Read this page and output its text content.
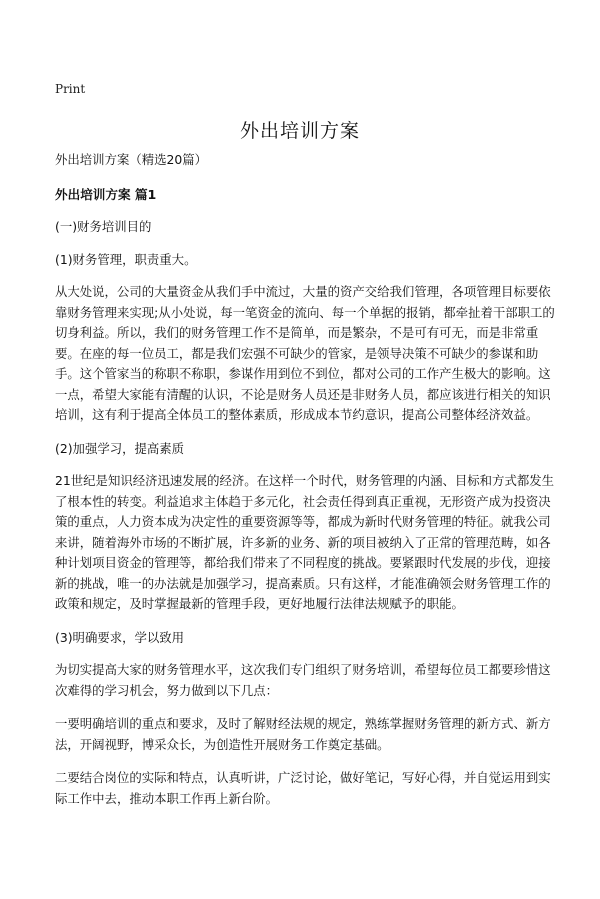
Print
外出培训方案

外出培训方案（精选20篇）

外出培训方案 篇1

(一)财务培训目的

(1)财务管理，职责重大。

从大处说，公司的大量资金从我们手中流过，大量的资产交给我们管理，各项管理目标要依靠财务管理来实现;从小处说，每一笔资金的流向、每一个单据的报销，都牵扯着干部职工的切身利益。所以，我们的财务管理工作不是简单，而是繁杂，不是可有可无，而是非常重要。在座的每一位员工，都是我们宏强不可缺少的管家，是领导决策不可缺少的参谋和助手。这个管家当的称职不称职，参谋作用到位不到位，都对公司的工作产生极大的影响。这一点，希望大家能有清醒的认识，不论是财务人员还是非财务人员，都应该进行相关的知识培训，这有利于提高全体员工的整体素质，形成成本节约意识，提高公司整体经济效益。

(2)加强学习，提高素质

21世纪是知识经济迅速发展的经济。在这样一个时代，财务管理的内涵、目标和方式都发生了根本性的转变。利益追求主体趋于多元化，社会责任得到真正重视，无形资产成为投资决策的重点，人力资本成为决定性的重要资源等等，都成为新时代财务管理的特征。就我公司来讲，随着海外市场的不断扩展，许多新的业务、新的项目被纳入了正常的管理范畴，如各种计划项目资金的管理等，都给我们带来了不同程度的挑战。要紧跟时代发展的步伐，迎接新的挑战，唯一的办法就是加强学习，提高素质。只有这样，才能准确领会财务管理工作的政策和规定，及时掌握最新的管理手段，更好地履行法律法规赋予的职能。

(3)明确要求，学以致用

为切实提高大家的财务管理水平，这次我们专门组织了财务培训，希望每位员工都要珍惜这次难得的学习机会，努力做到以下几点：

一要明确培训的重点和要求，及时了解财经法规的规定，熟练掌握财务管理的新方式、新方法，开阔视野，博采众长，为创造性开展财务工作奠定基础。

二要结合岗位的实际和特点，认真听讲，广泛讨论，做好笔记，写好心得，并自觉运用到实际工作中去，推动本职工作再上新台阶。
